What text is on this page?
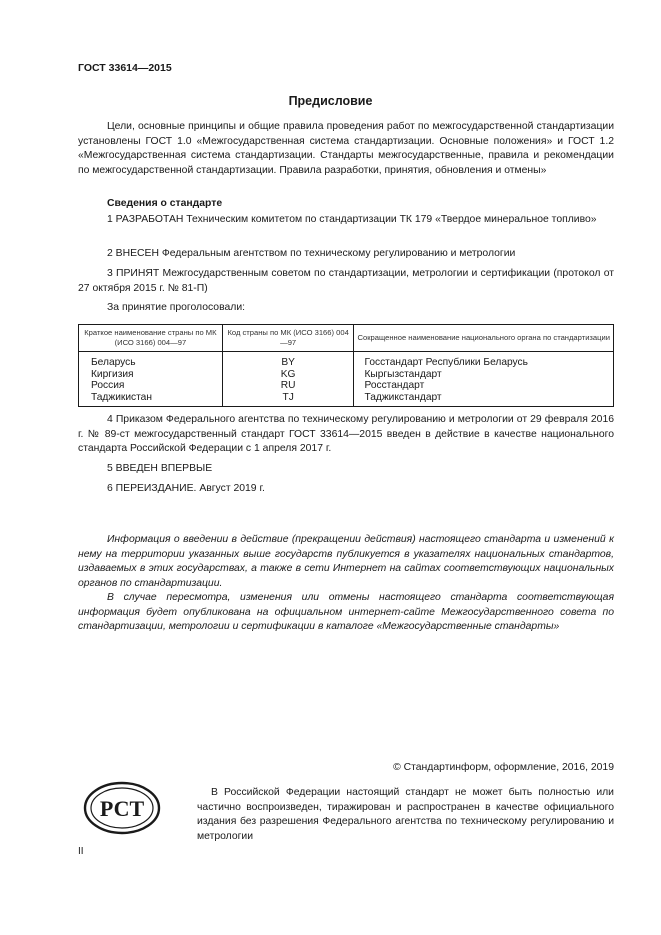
ГОСТ 33614—2015
Предисловие

Цели, основные принципы и общие правила проведения работ по межгосударственной стандартизации установлены ГОСТ 1.0 «Межгосударственная система стандартизации. Основные положения» и ГОСТ 1.2 «Межгосударственная система стандартизации. Стандарты межгосударственные, правила и рекомендации по межгосударственной стандартизации. Правила разработки, принятия, обновления и отмены»

Сведения о стандарте

1 РАЗРАБОТАН Техническим комитетом по стандартизации ТК 179 «Твердое минеральное топливо»

2 ВНЕСЕН Федеральным агентством по техническому регулированию и метрологии

3 ПРИНЯТ Межгосударственным советом по стандартизации, метрологии и сертификации (протокол от 27 октября 2015 г. № 81-П)

За принятие проголосовали:

Краткое наименование страны по МК (ИСО 3166) 004—97	Код страны по МК (ИСО 3166) 004—97	Сокращенное наименование национального органа по стандартизации
Беларусь	BY	Госстандарт Республики Беларусь
Киргизия	KG	Кыргызстандарт
Россия	RU	Росстандарт
Таджикистан	TJ	Таджикстандарт

4 Приказом Федерального агентства по техническому регулированию и метрологии от 29 февраля 2016 г. № 89-ст межгосударственный стандарт ГОСТ 33614—2015 введен в действие в качестве национального стандарта Российской Федерации с 1 апреля 2017 г.

5 ВВЕДЕН ВПЕРВЫЕ

6 ПЕРЕИЗДАНИЕ. Август 2019 г.

Информация о введении в действие (прекращении действия) настоящего стандарта и изменений к нему на территории указанных выше государств публикуется в указателях национальных стандартов, издаваемых в этих государствах, а также в сети Интернет на сайтах соответствующих национальных органов по стандартизации.

В случае пересмотра, изменения или отмены настоящего стандарта соответствующая информация будет опубликована на официальном интернет-сайте Межгосударственного совета по стандартизации, метрологии и сертификации в каталоге «Межгосударственные стандарты»

© Стандартинформ, оформление, 2016, 2019
РСТ

В Российской Федерации настоящий стандарт не может быть полностью или частично воспроизведен, тиражирован и распространен в качестве официального издания без разрешения Федерального агентства по техническому регулированию и метрологии

II
